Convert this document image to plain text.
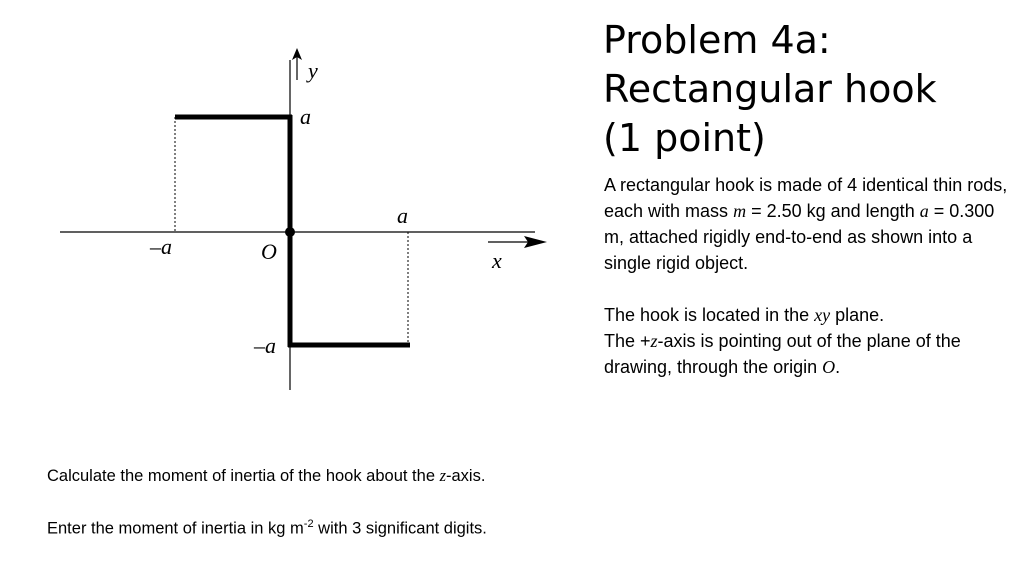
y
a
a
–a	O	x
–a
Problem 4a:
Rectangular hook
(1 point)

A rectangular hook is made of 4 identical thin rods, each with mass m = 2.50 kg and length a = 0.300 m, attached rigidly end-to-end as shown into a single rigid object.

The hook is located in the xy plane.
The +z-axis is pointing out of the plane of the drawing, through the origin O.

Calculate the moment of inertia of the hook about the z-axis.

Enter the moment of inertia in kg $m^{-2}$ with 3 significant digits.
